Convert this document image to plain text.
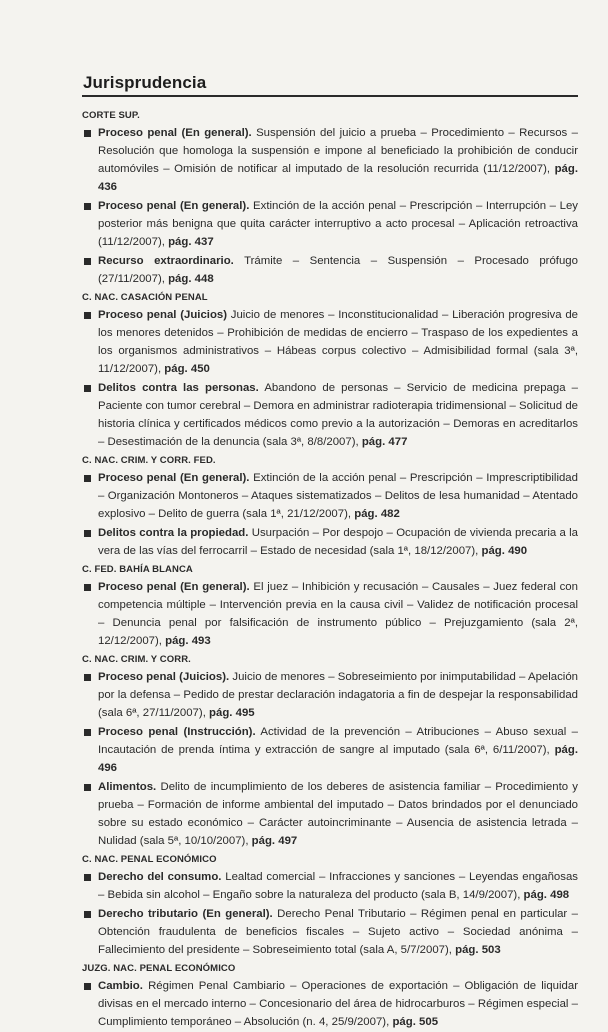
Jurisprudencia
CORTE SUP.
Proceso penal (En general). Suspensión del juicio a prueba – Procedimiento – Recursos – Resolución que homologa la suspensión e impone al beneficiado la prohibición de conducir automóviles – Omisión de notificar al imputado de la resolución recurrida (11/12/2007), pág. 436
Proceso penal (En general). Extinción de la acción penal – Prescripción – Interrupción – Ley posterior más benigna que quita carácter interruptivo a acto procesal – Aplicación retroactiva (11/12/2007), pág. 437
Recurso extraordinario. Trámite – Sentencia – Suspensión – Procesado prófugo (27/11/2007), pág. 448
C. NAC. CASACIÓN PENAL
Proceso penal (Juicios) Juicio de menores – Inconstitucionalidad – Liberación progresiva de los menores detenidos – Prohibición de medidas de encierro – Traspaso de los expedientes a los organismos administrativos – Hábeas corpus colectivo – Admisibilidad formal (sala 3ª, 11/12/2007), pág. 450
Delitos contra las personas. Abandono de personas – Servicio de medicina prepaga – Paciente con tumor cerebral – Demora en administrar radioterapia tridimensional – Solicitud de historia clínica y certificados médicos como previo a la autorización – Demoras en acreditarlos – Desestimación de la denuncia (sala 3ª, 8/8/2007), pág. 477
C. NAC. CRIM. Y CORR. FED.
Proceso penal (En general). Extinción de la acción penal – Prescripción – Imprescriptibilidad – Organización Montoneros – Ataques sistematizados – Delitos de lesa humanidad – Atentado explosivo – Delito de guerra (sala 1ª, 21/12/2007), pág. 482
Delitos contra la propiedad. Usurpación – Por despojo – Ocupación de vivienda precaria a la vera de las vías del ferrocarril – Estado de necesidad (sala 1ª, 18/12/2007), pág. 490
C. FED. BAHÍA BLANCA
Proceso penal (En general). El juez – Inhibición y recusación – Causales – Juez federal con competencia múltiple – Intervención previa en la causa civil – Validez de notificación procesal – Denuncia penal por falsificación de instrumento público – Prejuzgamiento (sala 2ª, 12/12/2007), pág. 493
C. NAC. CRIM. Y CORR.
Proceso penal (Juicios). Juicio de menores – Sobreseimiento por inimputabilidad – Apelación por la defensa – Pedido de prestar declaración indagatoria a fin de despejar la responsabilidad (sala 6ª, 27/11/2007), pág. 495
Proceso penal (Instrucción). Actividad de la prevención – Atribuciones – Abuso sexual – Incautación de prenda íntima y extracción de sangre al imputado (sala 6ª, 6/11/2007), pág. 496
Alimentos. Delito de incumplimiento de los deberes de asistencia familiar – Procedimiento y prueba – Formación de informe ambiental del imputado – Datos brindados por el denunciado sobre su estado económico – Carácter autoincriminante – Ausencia de asistencia letrada – Nulidad (sala 5ª, 10/10/2007), pág. 497
C. NAC. PENAL ECONÓMICO
Derecho del consumo. Lealtad comercial – Infracciones y sanciones – Leyendas engañosas – Bebida sin alcohol – Engaño sobre la naturaleza del producto (sala B, 14/9/2007), pág. 498
Derecho tributario (En general). Derecho Penal Tributario – Régimen penal en particular – Obtención fraudulenta de beneficios fiscales – Sujeto activo – Sociedad anónima – Fallecimiento del presidente – Sobreseimiento total (sala A, 5/7/2007), pág. 503
JUZG. NAC. PENAL ECONÓMICO
Cambio. Régimen Penal Cambiario – Operaciones de exportación – Obligación de liquidar divisas en el mercado interno – Concesionario del área de hidrocarburos – Régimen especial – Cumplimiento temporáneo – Absolución (n. 4, 25/9/2007), pág. 505
